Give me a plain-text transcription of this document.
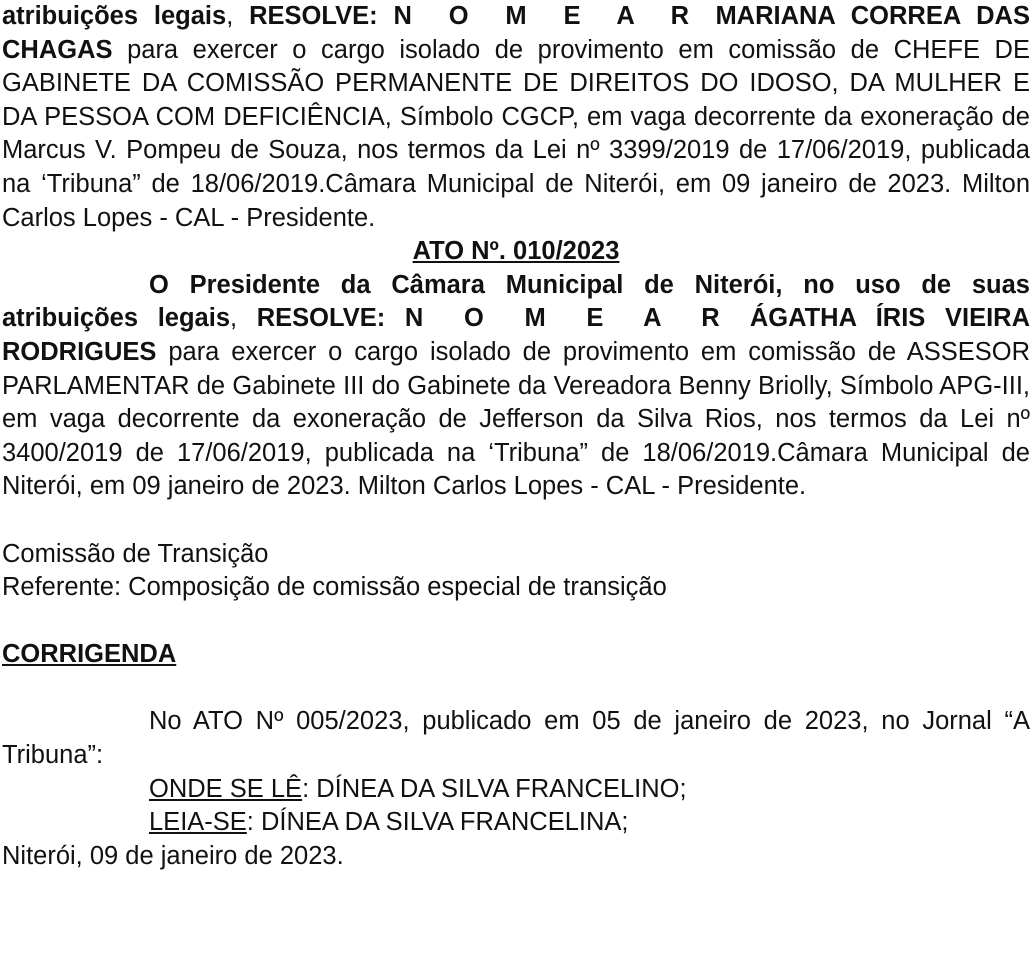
atribuições legais, RESOLVE: N O M E A R MARIANA CORREA DAS CHAGAS para exercer o cargo isolado de provimento em comissão de CHEFE DE GABINETE DA COMISSÃO PERMANENTE DE DIREITOS DO IDOSO, DA MULHER E DA PESSOA COM DEFICIÊNCIA, Símbolo CGCP, em vaga decorrente da exoneração de Marcus V. Pompeu de Souza, nos termos da Lei nº 3399/2019 de 17/06/2019, publicada na ‘Tribuna” de 18/06/2019.Câmara Municipal de Niterói, em 09 janeiro de 2023. Milton Carlos Lopes - CAL - Presidente.

ATO Nº. 010/2023

O Presidente da Câmara Municipal de Niterói, no uso de suas atribuições legais, RESOLVE: N O M E A R ÁGATHA ÍRIS VIEIRA RODRIGUES para exercer o cargo isolado de provimento em comissão de ASSESOR PARLAMENTAR de Gabinete III do Gabinete da Vereadora Benny Briolly, Símbolo APG-III, em vaga decorrente da exoneração de Jefferson da Silva Rios, nos termos da Lei nº 3400/2019 de 17/06/2019, publicada na ‘Tribuna” de 18/06/2019.Câmara Municipal de Niterói, em 09 janeiro de 2023. Milton Carlos Lopes - CAL - Presidente.

Comissão de Transição

Referente: Composição de comissão especial de transição

CORRIGENDA

No ATO Nº 005/2023, publicado em 05 de janeiro de 2023, no Jornal “A Tribuna”:

ONDE SE LÊ: DÍNEA DA SILVA FRANCELINO;

LEIA-SE: DÍNEA DA SILVA FRANCELINA;

Niterói, 09 de janeiro de 2023.
